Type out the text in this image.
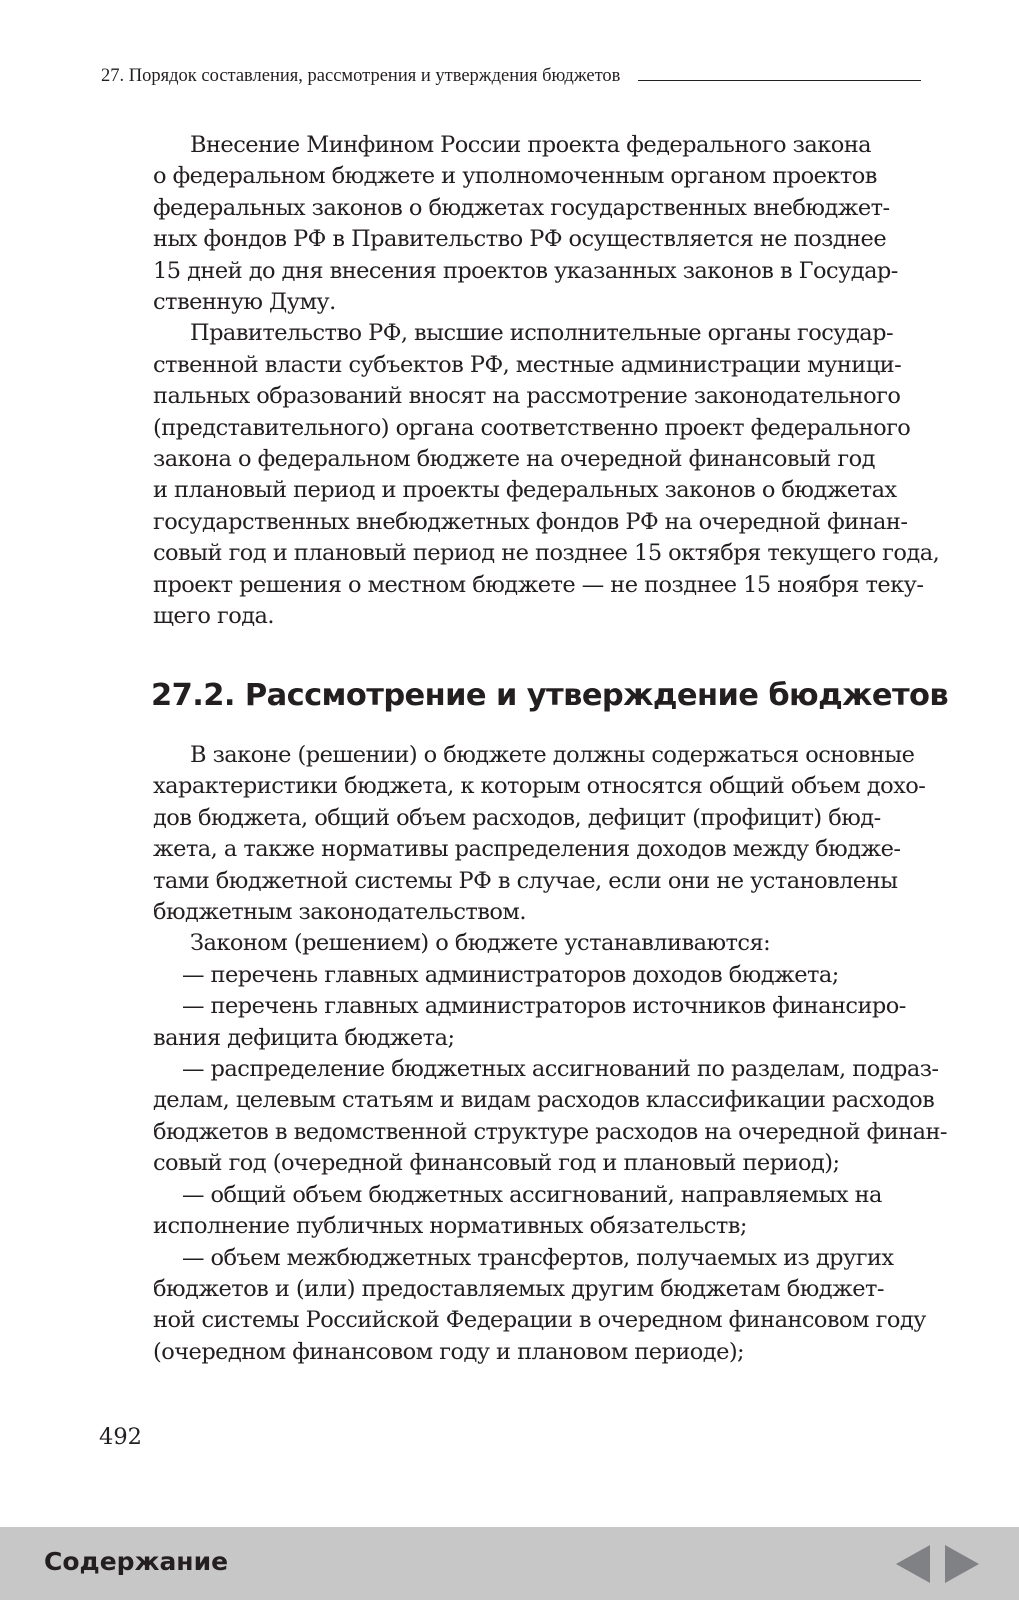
27. Порядок составления, рассмотрения и утверждения бюджетов
Внесение Минфином России проекта федерального закона
о федеральном бюджете и уполномоченным органом проектов
федеральных законов о бюджетах государственных внебюджет-
ных фондов РФ в Правительство РФ осуществляется не позднее
15 дней до дня внесения проектов указанных законов в Государ-
ственную Думу.
Правительство РФ, высшие исполнительные органы государ-
ственной власти субъектов РФ, местные администрации муници-
пальных образований вносят на рассмотрение законодательного
(представительного) органа соответственно проект федерального
закона о федеральном бюджете на очередной финансовый год
и плановый период и проекты федеральных законов о бюджетах
государственных внебюджетных фондов РФ на очередной финан-
совый год и плановый период не позднее 15 октября текущего года,
проект решения о местном бюджете — не позднее 15 ноября теку-
щего года.
27.2. Рассмотрение и утверждение бюджетов
В законе (решении) о бюджете должны содержаться основные
характеристики бюджета, к которым относятся общий объем дохо-
дов бюджета, общий объем расходов, дефицит (профицит) бюд-
жета, а также нормативы распределения доходов между бюдже-
тами бюджетной системы РФ в случае, если они не установлены
бюджетным законодательством.
Законом (решением) о бюджете устанавливаются:
— перечень главных администраторов доходов бюджета;
— перечень главных администраторов источников финансиро-
вания дефицита бюджета;
— распределение бюджетных ассигнований по разделам, подраз-
делам, целевым статьям и видам расходов классификации расходов
бюджетов в ведомственной структуре расходов на очередной финан-
совый год (очередной финансовый год и плановый период);
— общий объем бюджетных ассигнований, направляемых на
исполнение публичных нормативных обязательств;
— объем межбюджетных трансфертов, получаемых из других
бюджетов и (или) предоставляемых другим бюджетам бюджет-
ной системы Российской Федерации в очередном финансовом году
(очередном финансовом году и плановом периоде);
492
Содержание
